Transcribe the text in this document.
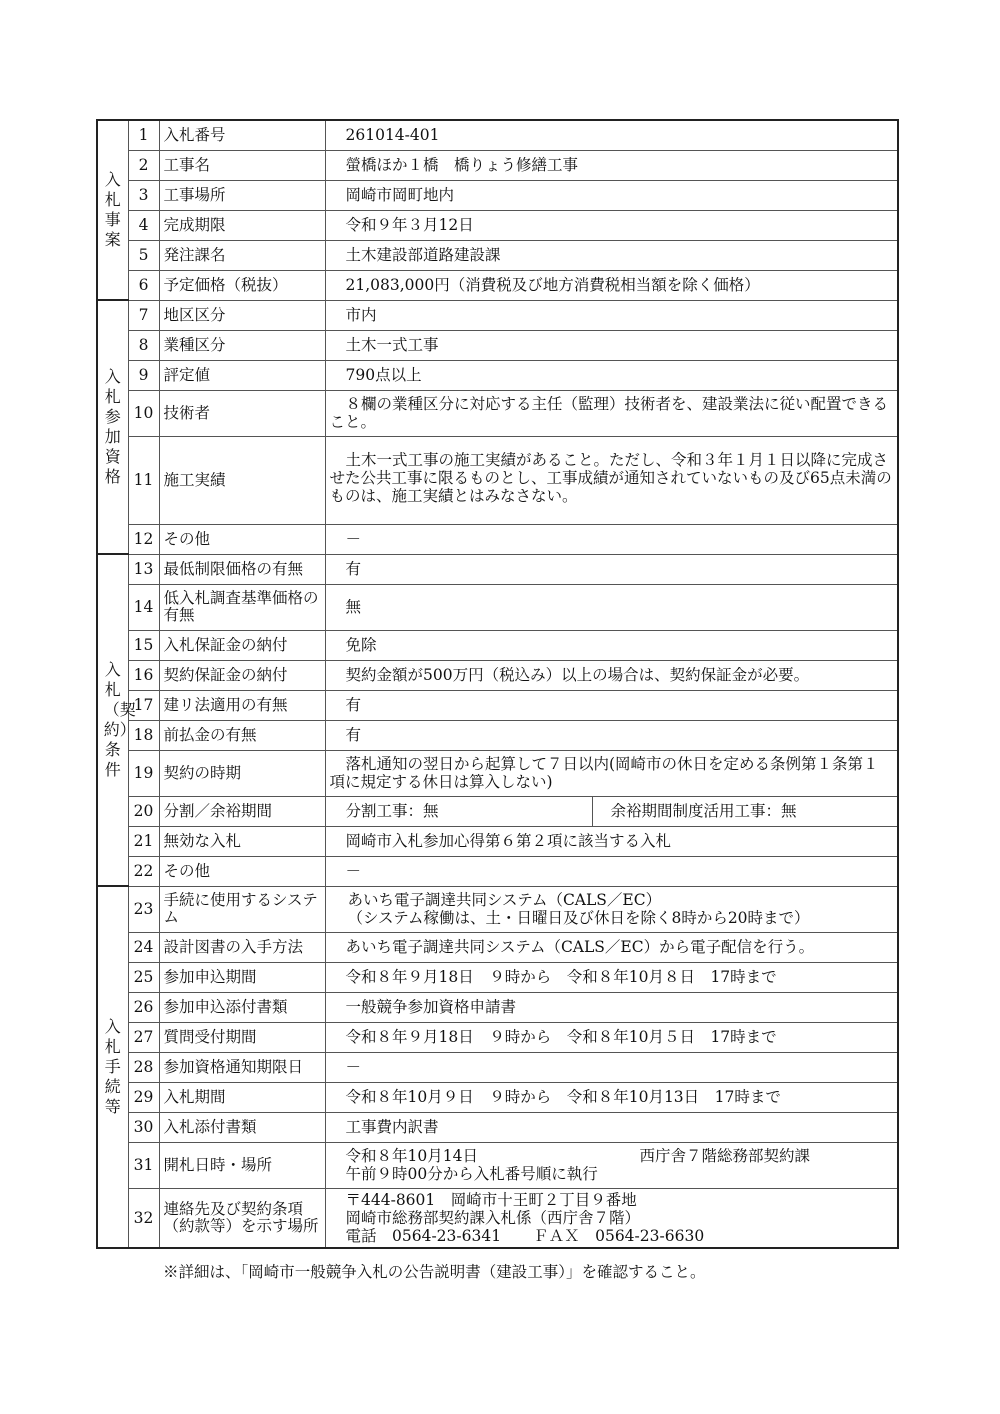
入札事案	1	入札番号	261014-401	
	2	工事名	螢橋ほか１橋　橋りょう修繕工事	
	3	工事場所	岡崎市岡町地内	
	4	完成期限	令和９年３月12日	
	5	発注課名	土木建設部道路建設課	
	6	予定価格（税抜）	21,083,000円（消費税及び地方消費税相当額を除く価格）	
入札参加資格	7	地区区分	市内	
	8	業種区分	土木一式工事	
	9	評定値	790点以上	
	10	技術者	８欄の業種区分に対応する主任（監理）技術者を、建設業法に従い配置できること。	
	11	施工実績	土木一式工事の施工実績があること。ただし、令和３年１月１日以降に完成させた公共工事に限るものとし、工事成績が通知されていないもの及び65点未満のものは、施工実績とはみなさない。	
	12	その他	－	
入札（契約）条件	13	最低制限価格の有無	有	
	14	低入札調査基準価格の有無	無	
	15	入札保証金の納付	免除	
	16	契約保証金の納付	契約金額が500万円（税込み）以上の場合は、契約保証金が必要。	
	17	建リ法適用の有無	有	
	18	前払金の有無	有	
	19	契約の時期	落札通知の翌日から起算して７日以内(岡崎市の休日を定める条例第１条第１項に規定する休日は算入しない)	
	20	分割／余裕期間	分割工事：無	余裕期間制度活用工事：無
	21	無効な入札	岡崎市入札参加心得第６第２項に該当する入札	
	22	その他	－	
入札手続等	23	手続に使用するシステム	あいち電子調達共同システム（CALS／EC）
（システム稼働は、土・日曜日及び休日を除く8時から20時まで）	

	24	設計図書の入手方法	あいち電子調達共同システム（CALS／EC）から電子配信を行う。	
	25	参加申込期間	令和８年９月18日　９時から　令和８年10月８日　17時まで	
	26	参加申込添付書類	一般競争参加資格申請書	
	27	質問受付期間	令和８年９月18日　９時から　令和８年10月５日　17時まで	
	28	参加資格通知期限日	－	
	29	入札期間	令和８年10月９日　９時から　令和８年10月13日　17時まで	
	30	入札添付書類	工事費内訳書	
	31	開札日時・場所	令和８年10月14日 西庁舎７階総務部契約課
午前９時00分から入札番号順に執行	

	32	連絡先及び契約条項（約款等）を示す場所	〒444-8601　岡崎市十王町２丁目９番地
岡崎市総務部契約課入札係（西庁舎７階）
電話　0564-23-6341 ＦＡＸ　0564-23-6630	
※詳細は、「岡崎市一般競争入札の公告説明書（建設工事）」を確認すること。
